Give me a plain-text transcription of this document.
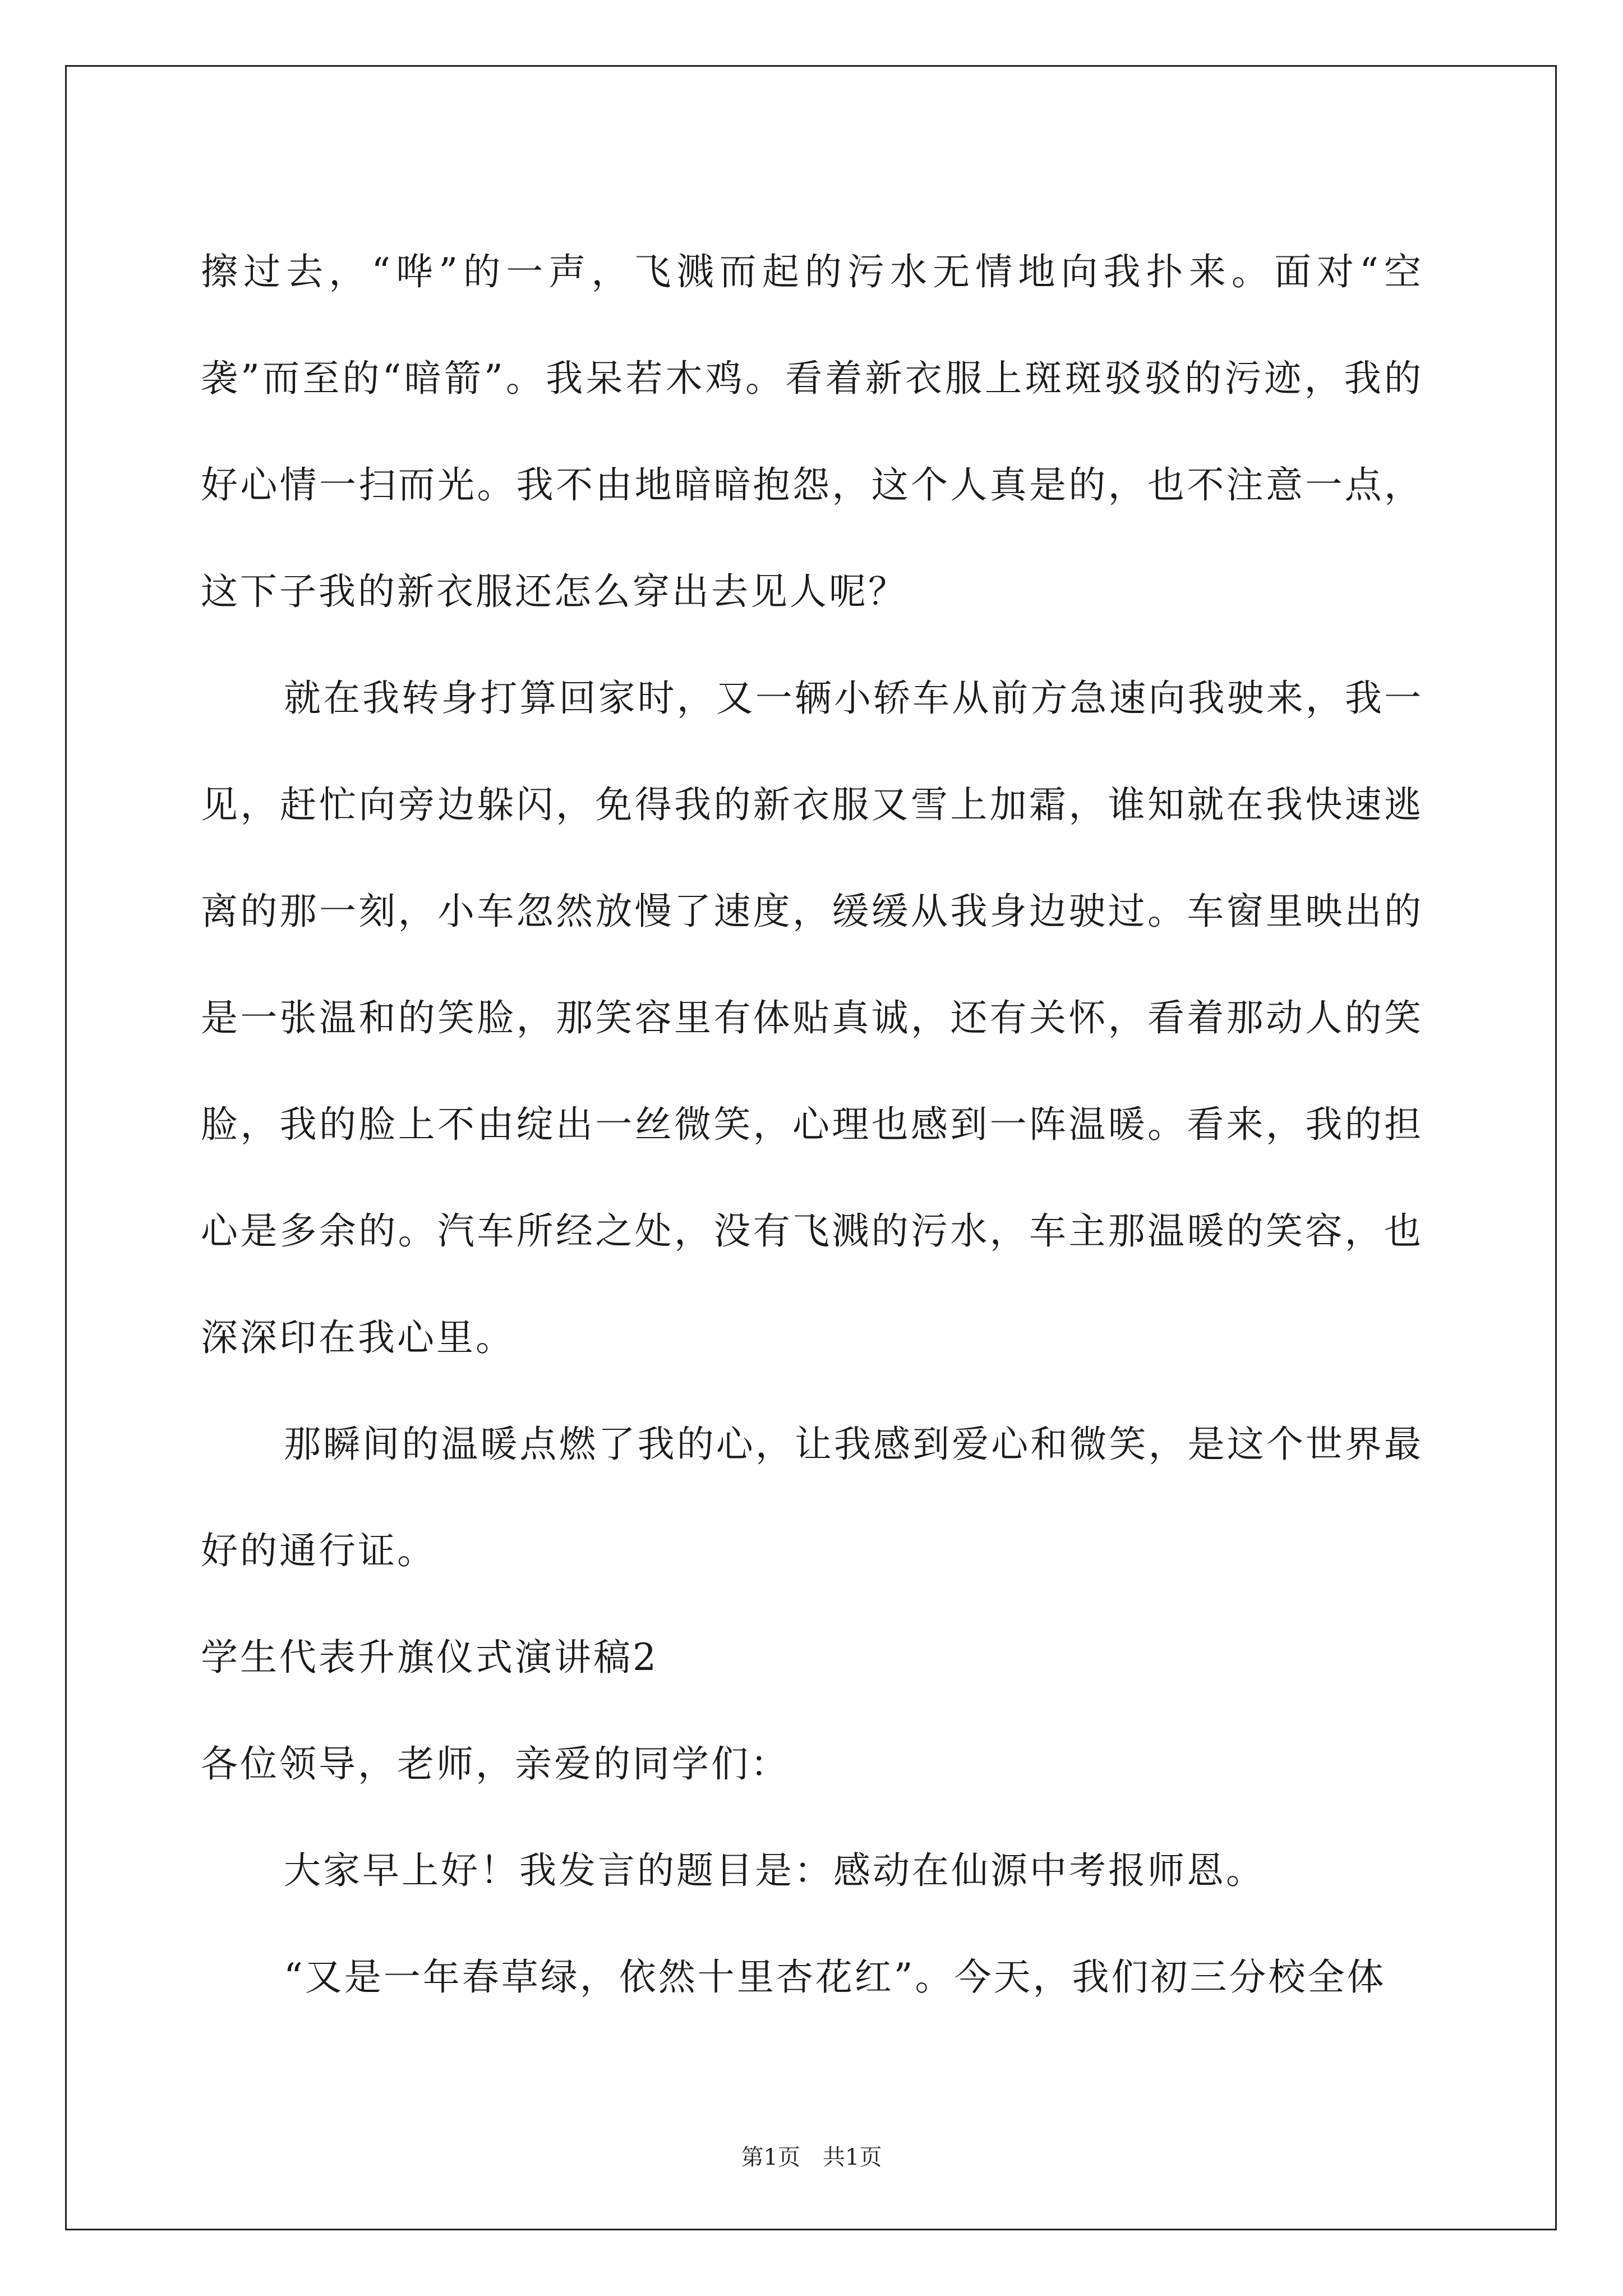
擦过去，“哗”的一声，飞溅而起的污水无情地向我扑来。面对“空袭”而至的“暗箭”。我呆若木鸡。看着新衣服上斑斑驳驳的污迹，我的好心情一扫而光。我不由地暗暗抱怨，这个人真是的，也不注意一点，这下子我的新衣服还怎么穿出去见人呢？

就在我转身打算回家时，又一辆小轿车从前方急速向我驶来，我一见，赶忙向旁边躲闪，免得我的新衣服又雪上加霜，谁知就在我快速逃离的那一刻，小车忽然放慢了速度，缓缓从我身边驶过。车窗里映出的是一张温和的笑脸，那笑容里有体贴真诚，还有关怀，看着那动人的笑脸，我的脸上不由绽出一丝微笑，心理也感到一阵温暖。看来，我的担心是多余的。汽车所经之处，没有飞溅的污水，车主那温暖的笑容，也深深印在我心里。

那瞬间的温暖点燃了我的心，让我感到爱心和微笑，是这个世界最好的通行证。

学生代表升旗仪式演讲稿2

各位领导，老师，亲爱的同学们：

大家早上好！我发言的题目是：感动在仙源中考报师恩。

“又是一年春草绿，依然十里杏花红”。今天，我们初三分校全体

第1页 共1页
